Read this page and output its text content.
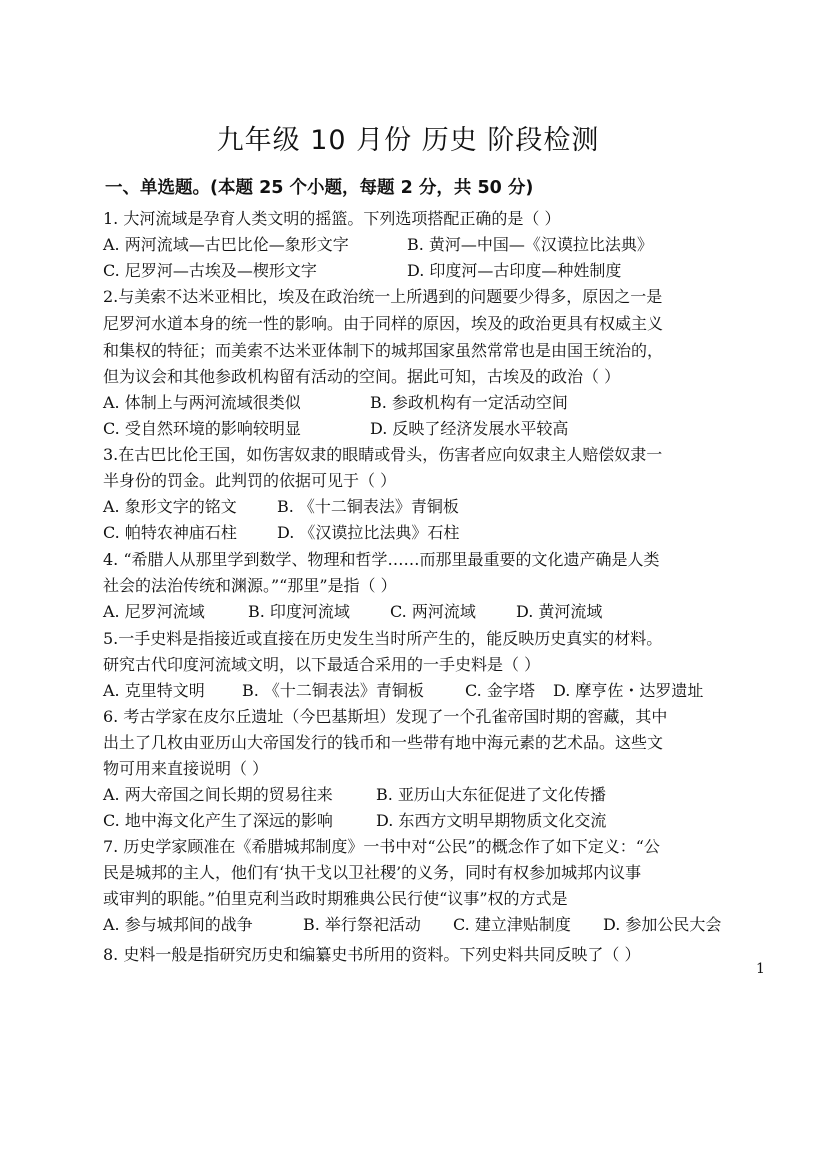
九年级 10 月份 历史 阶段检测
一、单选题。(本题 25 个小题，每题 2 分，共 50 分)
1. 大河流域是孕育人类文明的摇篮。下列选项搭配正确的是（ ）
A. 两河流域—古巴比伦—象形文字	B. 黄河—中国—《汉谟拉比法典》
C. 尼罗河—古埃及—楔形文字	D. 印度河—古印度—种姓制度
2.与美索不达米亚相比，埃及在政治统一上所遇到的问题要少得多，原因之一是
尼罗河水道本身的统一性的影响。由于同样的原因，埃及的政治更具有权威主义
和集权的特征；而美索不达米亚体制下的城邦国家虽然常常也是由国王统治的，
但为议会和其他参政机构留有活动的空间。据此可知，古埃及的政治（ ）
A. 体制上与两河流域很类似	B. 参政机构有一定活动空间
C. 受自然环境的影响较明显	D. 反映了经济发展水平较高
3.在古巴比伦王国，如伤害奴隶的眼睛或骨头，伤害者应向奴隶主人赔偿奴隶一
半身份的罚金。此判罚的依据可见于（ ）
A. 象形文字的铭文	B. 《十二铜表法》青铜板
C. 帕特农神庙石柱	D. 《汉谟拉比法典》石柱
4. “希腊人从那里学到数学、物理和哲学……而那里最重要的文化遗产确是人类
社会的法治传统和渊源。”“那里”是指（ ）
A. 尼罗河流域	B. 印度河流域	C. 两河流域	D. 黄河流域
5.一手史料是指接近或直接在历史发生当时所产生的，能反映历史真实的材料。
研究古代印度河流域文明，以下最适合采用的一手史料是（ ）
A. 克里特文明 B. 《十二铜表法》青铜板	C. 金字塔 D. 摩亨佐・达罗遗址
6. 考古学家在皮尔丘遗址（今巴基斯坦）发现了一个孔雀帝国时期的窖藏，其中
出土了几枚由亚历山大帝国发行的钱币和一些带有地中海元素的艺术品。这些文
物可用来直接说明（ ）
A. 两大帝国之间长期的贸易往来	B. 亚历山大东征促进了文化传播
C. 地中海文化产生了深远的影响	D. 东西方文明早期物质文化交流
7. 历史学家顾准在《希腊城邦制度》一书中对“公民”的概念作了如下定义：“公
民是城邦的主人，他们有‘执干戈以卫社稷’的义务，同时有权参加城邦内议事
或审判的职能。”伯里克利当政时期雅典公民行使“议事”权的方式是
A. 参与城邦间的战争	B. 举行祭祀活动 C. 建立津贴制度 D. 参加公民大会
8. 史料一般是指研究历史和编纂史书所用的资料。下列史料共同反映了（ ）
1
